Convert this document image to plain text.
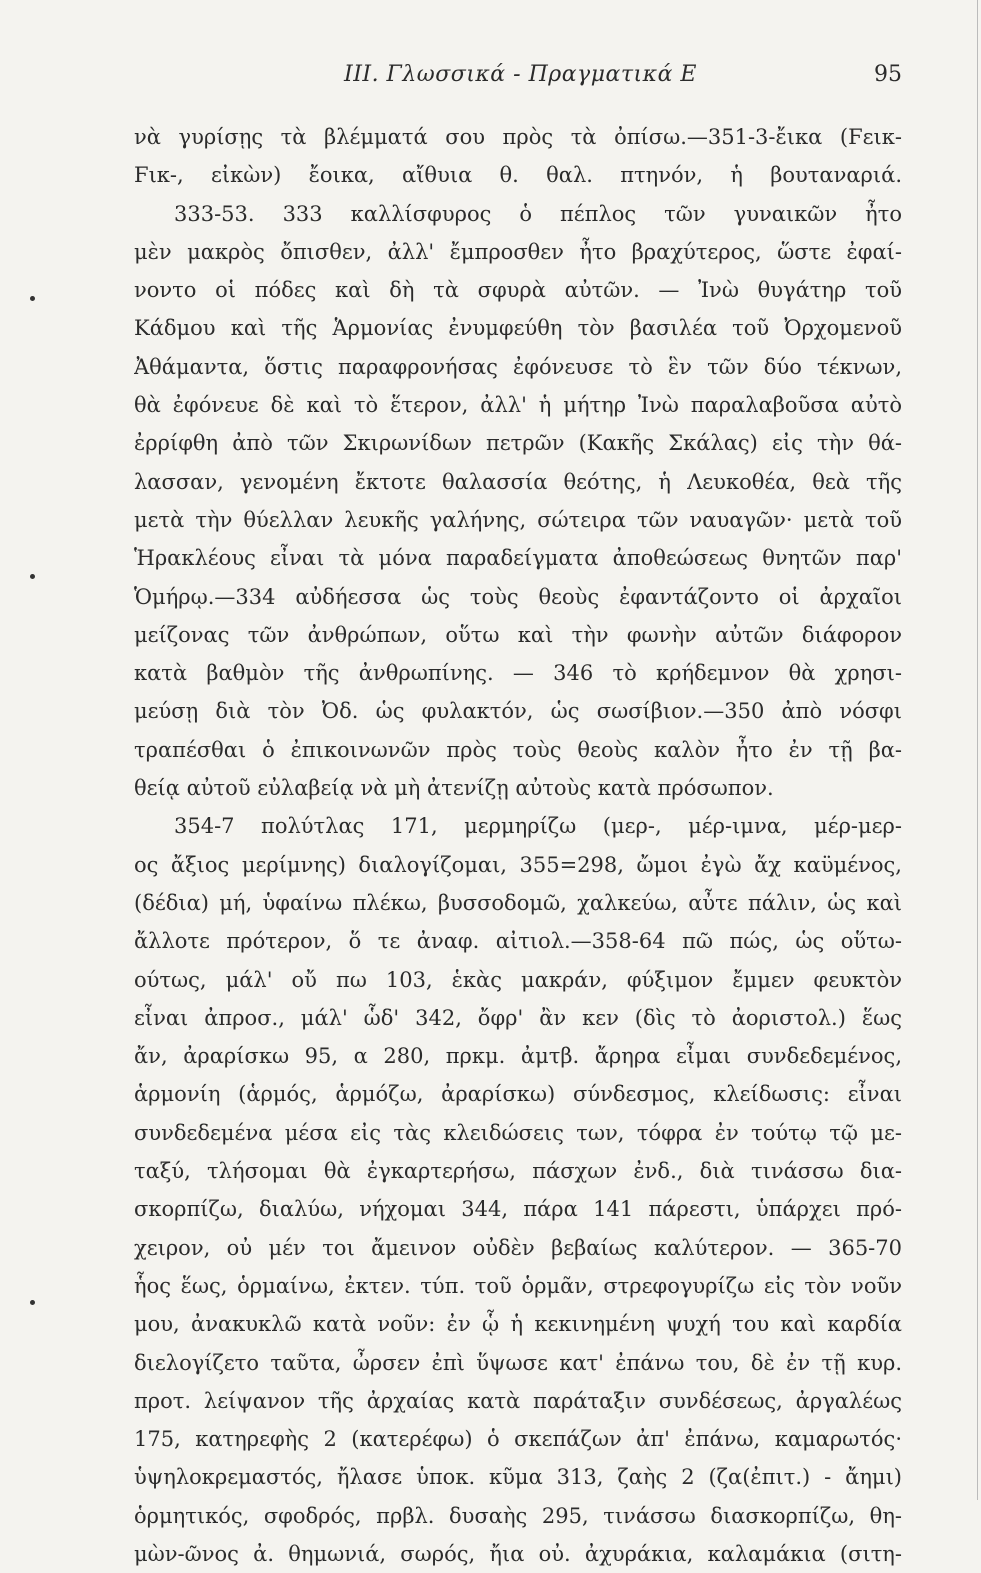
ΙΙΙ. Γλωσσικά - Πραγματικά Ε	95
νὰ γυρίσῃς τὰ βλέμματά σου πρὸς τὰ ὀπίσω.—351-3-ἔικα (Ϝεικ-
Ϝικ-, εἰκὼν) ἔοικα, αἴθυια θ. θαλ. πτηνόν, ἡ βουταναριά.
333-53. 333 καλλίσφυρος ὁ πέπλος τῶν γυναικῶν ἦτο
μὲν μακρὸς ὄπισθεν, ἀλλ' ἔμπροσθεν ἦτο βραχύτερος, ὥστε ἐφαί-
νοντο οἱ πόδες καὶ δὴ τὰ σφυρὰ αὐτῶν. — Ἰνὼ θυγάτηρ τοῦ
Κάδμου καὶ τῆς Ἁρμονίας ἐνυμφεύθη τὸν βασιλέα τοῦ Ὀρχομενοῦ
Ἀθάμαντα, ὅστις παραφρονήσας ἐφόνευσε τὸ ἓν τῶν δύο τέκνων,
θὰ ἐφόνευε δὲ καὶ τὸ ἕτερον, ἀλλ' ἡ μήτηρ Ἰνὼ παραλαβοῦσα αὐτὸ
ἐρρίφθη ἀπὸ τῶν Σκιρωνίδων πετρῶν (Κακῆς Σκάλας) εἰς τὴν θά-
λασσαν, γενομένη ἔκτοτε θαλασσία θεότης, ἡ Λευκοθέα, θεὰ τῆς
μετὰ τὴν θύελλαν λευκῆς γαλήνης, σώτειρα τῶν ναυαγῶν· μετὰ τοῦ
Ἡρακλέους εἶναι τὰ μόνα παραδείγματα ἀποθεώσεως θνητῶν παρ'
Ὁμήρῳ.—334 αὐδήεσσα ὡς τοὺς θεοὺς ἐφαντάζοντο οἱ ἀρχαῖοι
μείζονας τῶν ἀνθρώπων, οὕτω καὶ τὴν φωνὴν αὐτῶν διάφορον
κατὰ βαθμὸν τῆς ἀνθρωπίνης. — 346 τὸ κρήδεμνον θὰ χρησι-
μεύσῃ διὰ τὸν Ὀδ. ὡς φυλακτόν, ὡς σωσίβιον.—350 ἀπὸ νόσφι
τραπέσθαι ὁ ἐπικοινωνῶν πρὸς τοὺς θεοὺς καλὸν ἦτο ἐν τῇ βα-
θείᾳ αὐτοῦ εὐλαβείᾳ νὰ μὴ ἀτενίζῃ αὐτοὺς κατὰ πρόσωπον.
354-7 πολύτλας 171, μερμηρίζω (μερ-, μέρ-ιμνα, μέρ-μερ-
ος ἄξιος μερίμνης) διαλογίζομαι, 355=298, ὤμοι ἐγὼ ἄχ καϋμένος,
(δέδια) μή, ὑφαίνω πλέκω, βυσσοδομῶ, χαλκεύω, αὖτε πάλιν, ὡς καὶ
ἄλλοτε πρότερον, ὅ τε ἀναφ. αἰτιολ.—358-64 πῶ πώς, ὡς οὕτω-
ούτως, μάλ' οὔ πω 103, ἑκὰς μακράν, φύξιμον ἔμμεν φευκτὸν
εἶναι ἀπροσ., μάλ' ὧδ' 342, ὄφρ' ἂν κεν (δὶς τὸ ἀοριστολ.) ἕως
ἄν, ἀραρίσκω 95, α 280, πρκμ. ἀμτβ. ἄρηρα εἶμαι συνδεδεμένος,
ἁρμονίη (ἁρμός, ἁρμόζω, ἀραρίσκω) σύνδεσμος, κλείδωσις: εἶναι
συνδεδεμένα μέσα εἰς τὰς κλειδώσεις των, τόφρα ἐν τούτῳ τῷ με-
ταξύ, τλήσομαι θὰ ἐγκαρτερήσω, πάσχων ἐνδ., διὰ τινάσσω δια-
σκορπίζω, διαλύω, νήχομαι 344, πάρα 141 πάρεστι, ὑπάρχει πρό-
χειρον, οὐ μέν τοι ἄμεινον οὐδὲν βεβαίως καλύτερον. — 365-70
ἧος ἕως, ὁρμαίνω, ἐκτεν. τύπ. τοῦ ὁρμᾶν, στρεφογυρίζω εἰς τὸν νοῦν
μου, ἀνακυκλῶ κατὰ νοῦν: ἐν ᾧ ἡ κεκινημένη ψυχή του καὶ καρδία
διελογίζετο ταῦτα, ὦρσεν ἐπὶ ὕψωσε κατ' ἐπάνω του, δὲ ἐν τῇ κυρ.
προτ. λείψανον τῆς ἀρχαίας κατὰ παράταξιν συνδέσεως, ἀργαλέως
175, κατηρεφὴς 2 (κατερέφω) ὁ σκεπάζων ἀπ' ἐπάνω, καμαρωτός·
ὑψηλοκρεμαστός, ἤλασε ὑποκ. κῦμα 313, ζαὴς 2 (ζα(ἐπιτ.) - ἄημι)
ὁρμητικός, σφοδρός, πρβλ. δυσαὴς 295, τινάσσω διασκορπίζω, θη-
μὼν-ῶνος ἀ. θημωνιά, σωρός, ἤια οὐ. ἀχυράκια, καλαμάκια (σιτη-
